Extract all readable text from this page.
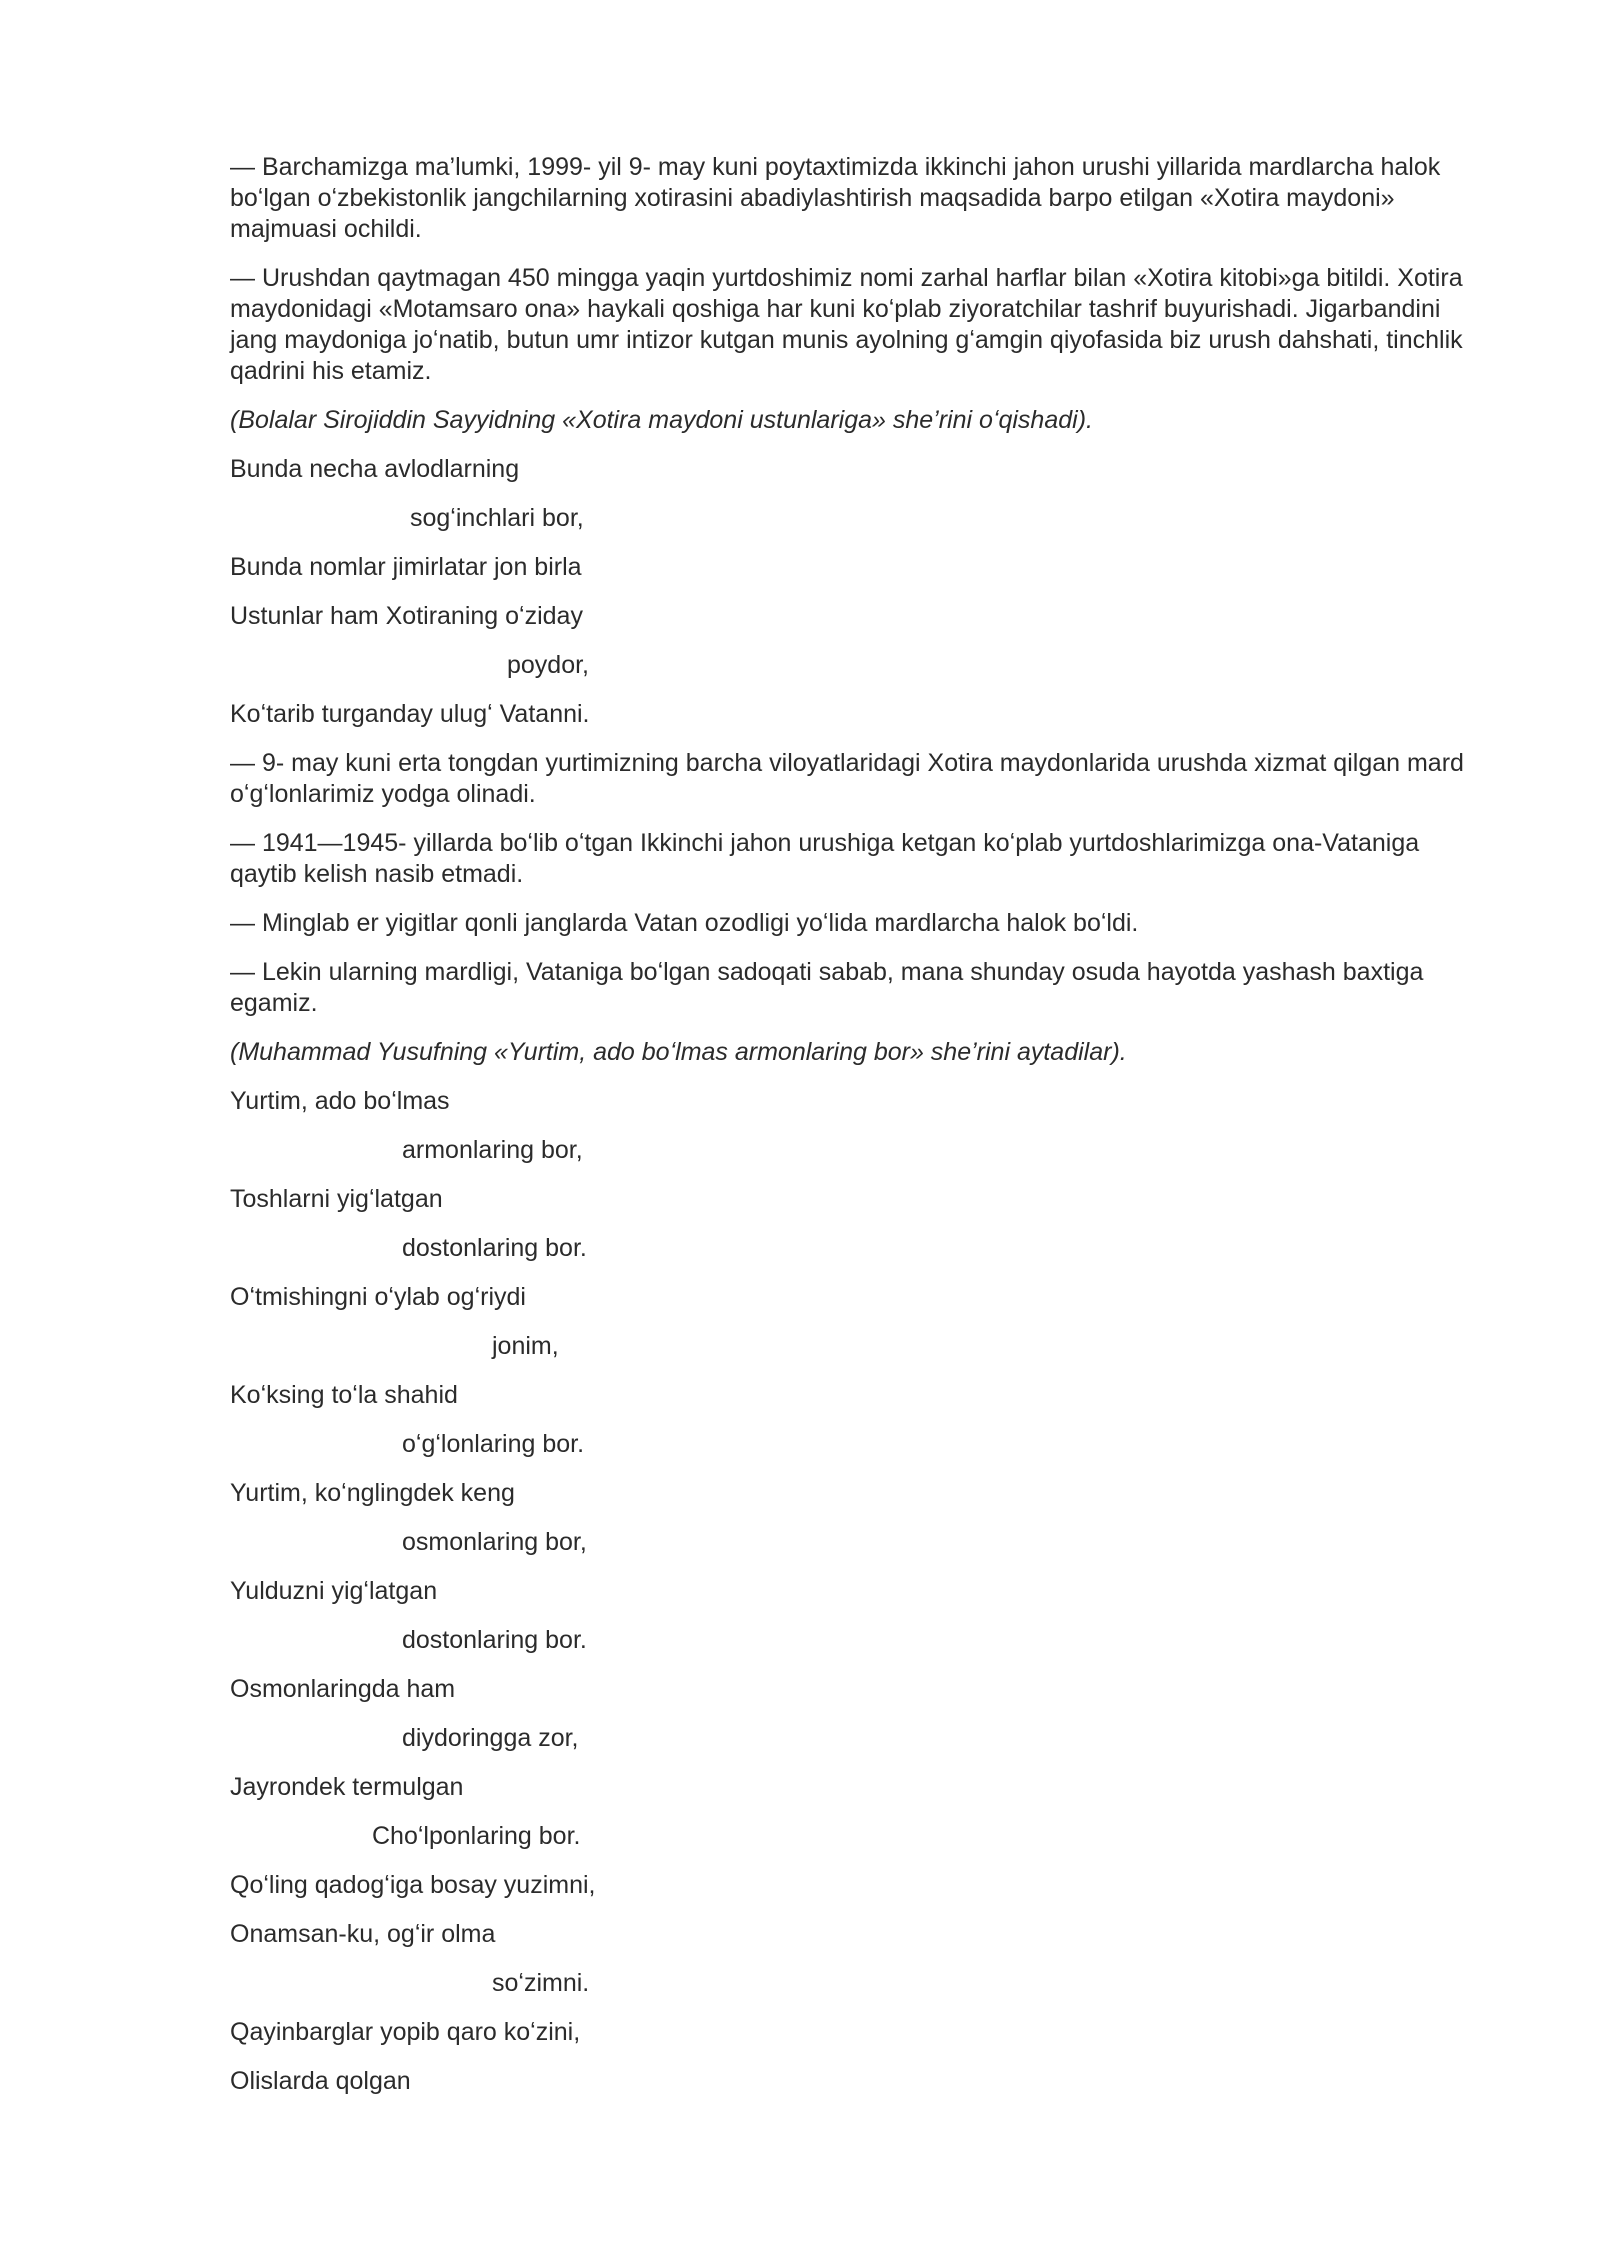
— Barchamizga ma’lumki, 1999- yil 9- may kuni poytaxtimizda ikkinchi jahon urushi yillarida mardlarcha halok boʻlgan oʻzbekistonlik jangchilarning xotirasini abadiylashtirish maqsadida barpo etilgan «Xotira maydoni» majmuasi ochildi.

— Urushdan qaytmagan 450 mingga yaqin yurtdoshimiz nomi zarhal harflar bilan «Xotira kitobi»ga bitildi. Xotira maydonidagi «Motamsaro ona» haykali qoshiga har kuni koʻplab ziyoratchilar tashrif buyurishadi. Jigarbandini jang maydoniga joʻnatib, butun umr intizor kutgan munis ayolning gʻamgin qiyofasida biz urush dahshati, tinchlik qadrini his etamiz.

(Bolalar Sirojiddin Sayyidning «Xotira maydoni ustunlariga» she’rini oʻqishadi).

Bunda necha avlodlarning

sogʻinchlari bor,

Bunda nomlar jimirlatar jon birla

Ustunlar ham Xotiraning oʻziday

poydor,

Koʻtarib turganday ulugʻ Vatanni.

— 9- may kuni erta tongdan yurtimizning barcha viloyatlaridagi Xotira maydonlarida urushda xizmat qilgan mard oʻgʻlonlarimiz yodga olinadi.

— 1941—1945- yillarda boʻlib oʻtgan Ikkinchi jahon urushiga ketgan koʻplab yurtdoshlarimizga ona-Vataniga qaytib kelish nasib etmadi.

— Minglab er yigitlar qonli janglarda Vatan ozodligi yoʻlida mardlarcha halok boʻldi.

— Lekin ularning mardligi, Vataniga boʻlgan sadoqati sabab, mana shunday osuda hayotda yashash baxtiga egamiz.

(Muhammad Yusufning «Yurtim, ado boʻlmas armonlaring bor» she’rini aytadilar).

Yurtim, ado boʻlmas

armonlaring bor,

Toshlarni yigʻlatgan

dostonlaring bor.

Oʻtmishingni oʻylab ogʻriydi

jonim,

Koʻksing toʻla shahid

oʻgʻlonlaring bor.

Yurtim, koʻnglingdek keng

osmonlaring bor,

Yulduzni yigʻlatgan

dostonlaring bor.

Osmonlaringda ham

diydoringga zor,

Jayrondek termulgan

Choʻlponlaring bor.

Qoʻling qadogʻiga bosay yuzimni,

Onamsan-ku, ogʻir olma

soʻzimni.

Qayinbarglar yopib qaro koʻzini,

Olislarda qolgan
